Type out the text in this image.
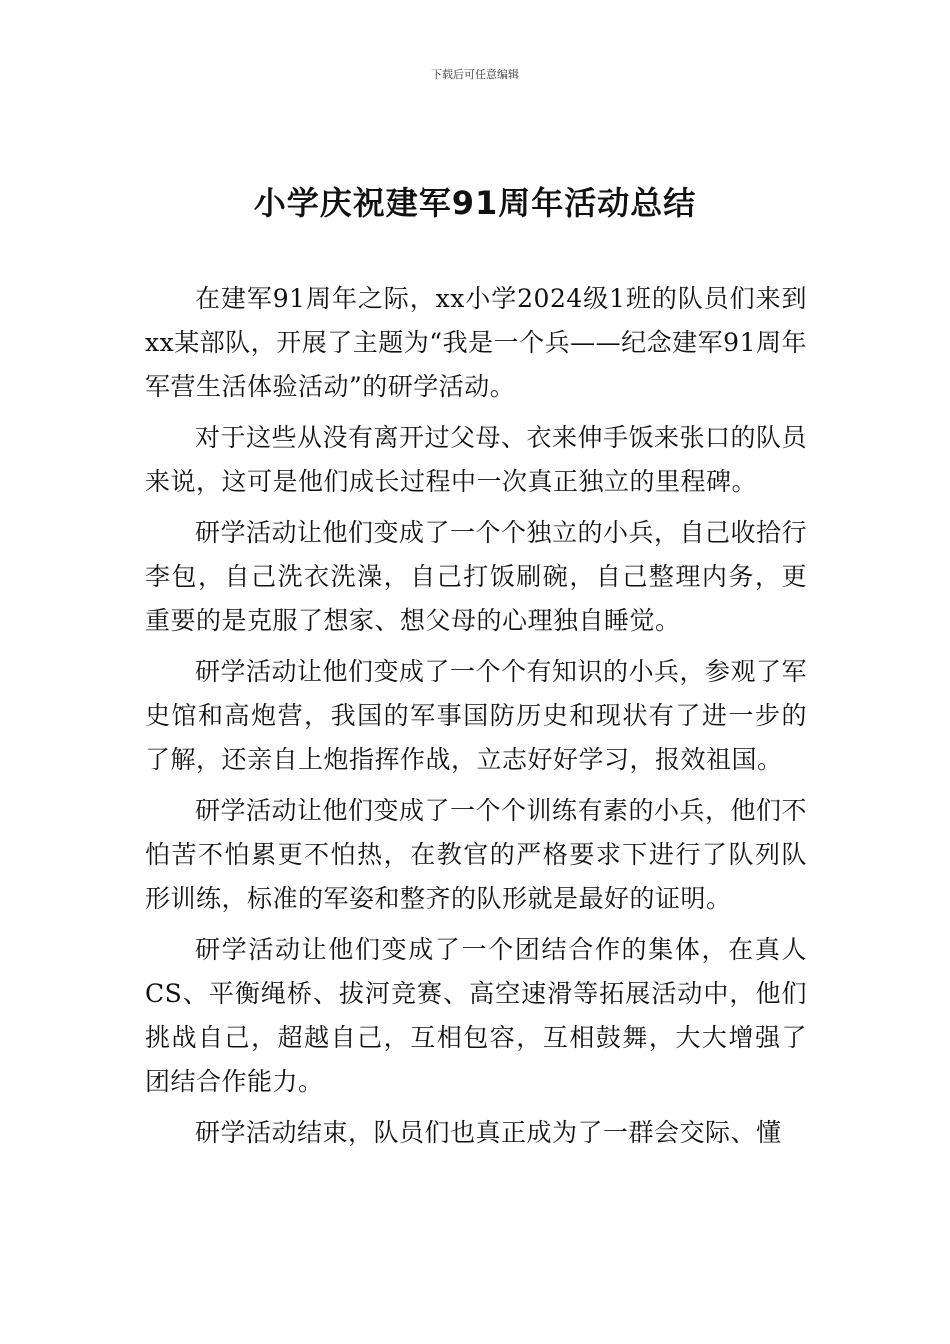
下载后可任意编辑
小学庆祝建军91周年活动总结

在建军91周年之际，xx小学2024级1班的队员们来到xx某部队，开展了主题为“我是一个兵——纪念建军91周年军营生活体验活动”的研学活动。

对于这些从没有离开过父母、衣来伸手饭来张口的队员来说，这可是他们成长过程中一次真正独立的里程碑。

研学活动让他们变成了一个个独立的小兵，自己收拾行李包，自己洗衣洗澡，自己打饭刷碗，自己整理内务，更重要的是克服了想家、想父母的心理独自睡觉。

研学活动让他们变成了一个个有知识的小兵，参观了军史馆和高炮营，我国的军事国防历史和现状有了进一步的了解，还亲自上炮指挥作战，立志好好学习，报效祖国。

研学活动让他们变成了一个个训练有素的小兵，他们不怕苦不怕累更不怕热，在教官的严格要求下进行了队列队形训练，标准的军姿和整齐的队形就是最好的证明。

研学活动让他们变成了一个团结合作的集体，在真人CS、平衡绳桥、拔河竞赛、高空速滑等拓展活动中，他们挑战自己，超越自己，互相包容，互相鼓舞，大大增强了团结合作能力。

研学活动结束，队员们也真正成为了一群会交际、懂
